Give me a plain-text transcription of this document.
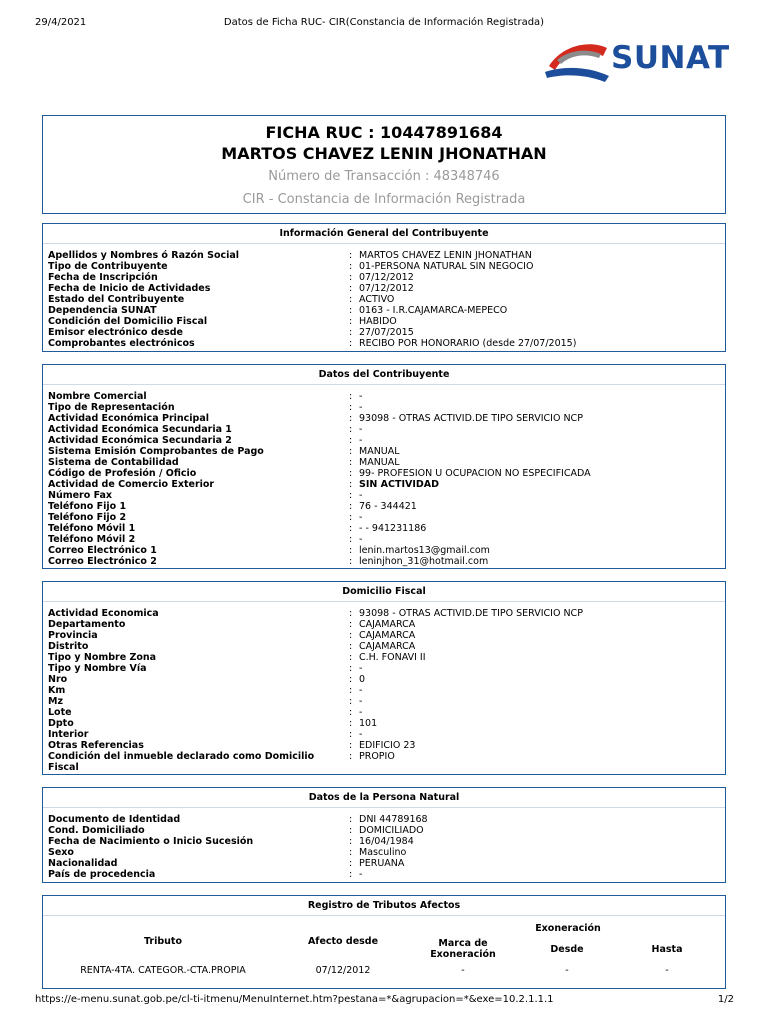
29/4/2021	Datos de Ficha RUC- CIR(Constancia de Información Registrada)
SUNAT
FICHA RUC : 10447891684
MARTOS CHAVEZ LENIN JHONATHAN
Número de Transacción : 48348746
CIR - Constancia de Información Registrada
Información General del Contribuyente
Apellidos y Nombres ó Razón Social	: MARTOS CHAVEZ LENIN JHONATHAN
Tipo de Contribuyente	: 01-PERSONA NATURAL SIN NEGOCIO
Fecha de Inscripción	: 07/12/2012
Fecha de Inicio de Actividades	: 07/12/2012
Estado del Contribuyente	: ACTIVO
Dependencia SUNAT	: 0163 - I.R.CAJAMARCA-MEPECO
Condición del Domicilio Fiscal	: HABIDO
Emisor electrónico desde	: 27/07/2015
Comprobantes electrónicos	: RECIBO POR HONORARIO (desde 27/07/2015)
Datos del Contribuyente
Nombre Comercial	: -
Tipo de Representación	: -
Actividad Económica Principal	: 93098 - OTRAS ACTIVID.DE TIPO SERVICIO NCP
Actividad Económica Secundaria 1	: -
Actividad Económica Secundaria 2	: -
Sistema Emisión Comprobantes de Pago	: MANUAL
Sistema de Contabilidad	: MANUAL
Código de Profesión / Oficio	: 99- PROFESION U OCUPACION NO ESPECIFICADA
Actividad de Comercio Exterior	: SIN ACTIVIDAD
Número Fax	: -
Teléfono Fijo 1	: 76 - 344421
Teléfono Fijo 2	: -
Teléfono Móvil 1	: - - 941231186
Teléfono Móvil 2	: -
Correo Electrónico 1	: lenin.martos13@gmail.com
Correo Electrónico 2	: leninjhon_31@hotmail.com
Domicilio Fiscal
Actividad Economica	: 93098 - OTRAS ACTIVID.DE TIPO SERVICIO NCP
Departamento	: CAJAMARCA
Provincia	: CAJAMARCA
Distrito	: CAJAMARCA
Tipo y Nombre Zona	: C.H. FONAVI II
Tipo y Nombre Vía	: -
Nro	: 0
Km	: -
Mz	: -
Lote	: -
Dpto	: 101
Interior	: -
Otras Referencias	: EDIFICIO 23
Condición del inmueble declarado como Domicilio Fiscal
: PROPIO
Datos de la Persona Natural
Documento de Identidad	: DNI 44789168
Cond. Domiciliado	: DOMICILIADO
Fecha de Nacimiento o Inicio Sucesión	: 16/04/1984
Sexo	: Masculino
Nacionalidad	: PERUANA
País de procedencia	: -
Registro de Tributos Afectos
Exoneración
Tributo	Afecto desde	Marca de Exoneración	Desde	Hasta
RENTA-4TA. CATEGOR.-CTA.PROPIA	07/12/2012	-	-	-
https://e-menu.sunat.gob.pe/cl-ti-itmenu/MenuInternet.htm?pestana=*&agrupacion=*&exe=10.2.1.1.1	1/2
